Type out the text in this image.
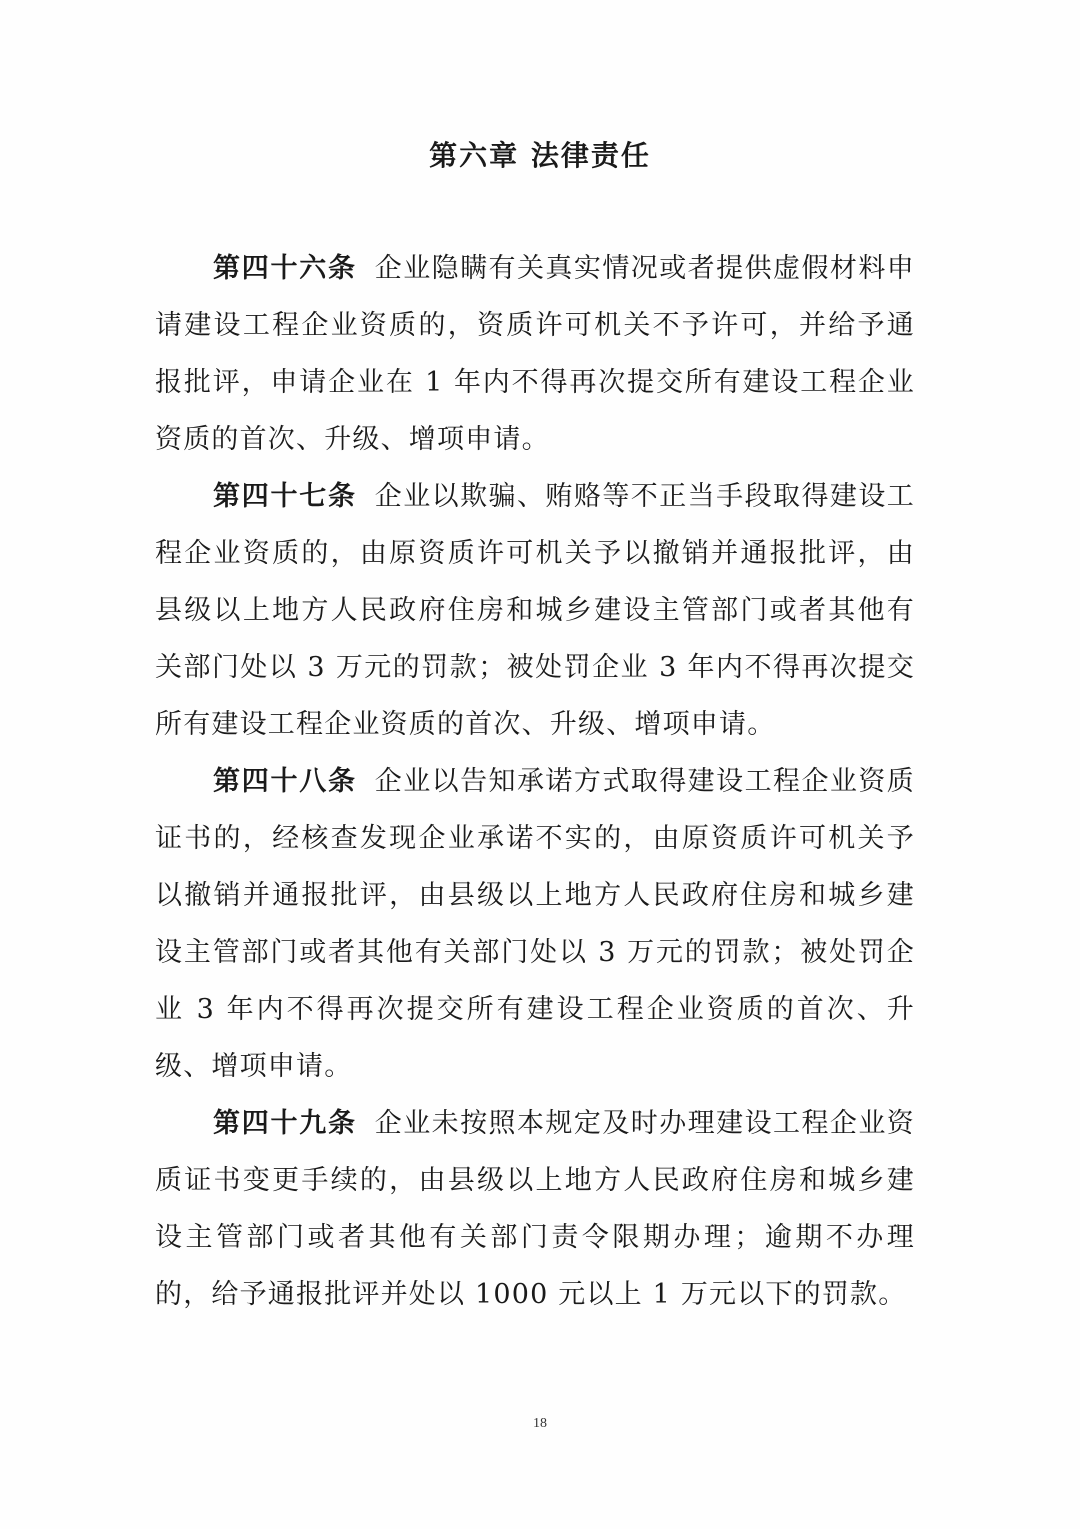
第六章 法律责任

第四十六条 企业隐瞒有关真实情况或者提供虚假材料申请建设工程企业资质的，资质许可机关不予许可，并给予通报批评，申请企业在 1 年内不得再次提交所有建设工程企业资质的首次、升级、增项申请。

第四十七条 企业以欺骗、贿赂等不正当手段取得建设工程企业资质的，由原资质许可机关予以撤销并通报批评，由县级以上地方人民政府住房和城乡建设主管部门或者其他有关部门处以 3 万元的罚款；被处罚企业 3 年内不得再次提交所有建设工程企业资质的首次、升级、增项申请。

第四十八条 企业以告知承诺方式取得建设工程企业资质证书的，经核查发现企业承诺不实的，由原资质许可机关予以撤销并通报批评，由县级以上地方人民政府住房和城乡建设主管部门或者其他有关部门处以 3 万元的罚款；被处罚企业 3 年内不得再次提交所有建设工程企业资质的首次、升级、增项申请。

第四十九条 企业未按照本规定及时办理建设工程企业资质证书变更手续的，由县级以上地方人民政府住房和城乡建设主管部门或者其他有关部门责令限期办理；逾期不办理的，给予通报批评并处以 1000 元以上 1 万元以下的罚款。

18
